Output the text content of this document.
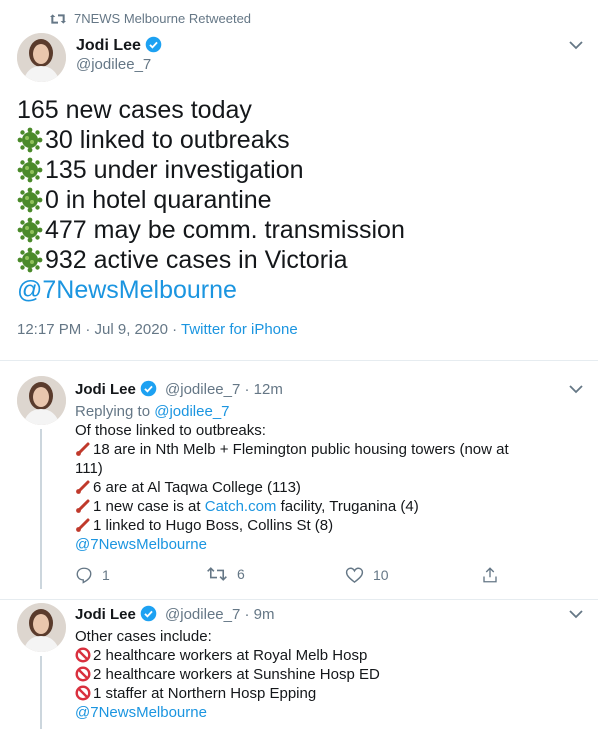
7NEWS Melbourne Retweeted
Jodi Lee
@jodilee_7
165 new cases today
30 linked to outbreaks
135 under investigation
0 in hotel quarantine
477 may be comm. transmission
932 active cases in Victoria
@7NewsMelbourne
12:17 PM · Jul 9, 2020 · Twitter for iPhone
Jodi Lee @jodilee_7 · 12m
Replying to @jodilee_7
Of those linked to outbreaks:
18 are in Nth Melb + Flemington public housing towers (now at
111)
6 are at Al Taqwa College (113)
1 new case is at Catch.com facility, Truganina (4)
1 linked to Hugo Boss, Collins St (8)
@7NewsMelbourne
1	6	10
Jodi Lee @jodilee_7 · 9m
Other cases include:
2 healthcare workers at Royal Melb Hosp
2 healthcare workers at Sunshine Hosp ED
1 staffer at Northern Hosp Epping
@7NewsMelbourne
